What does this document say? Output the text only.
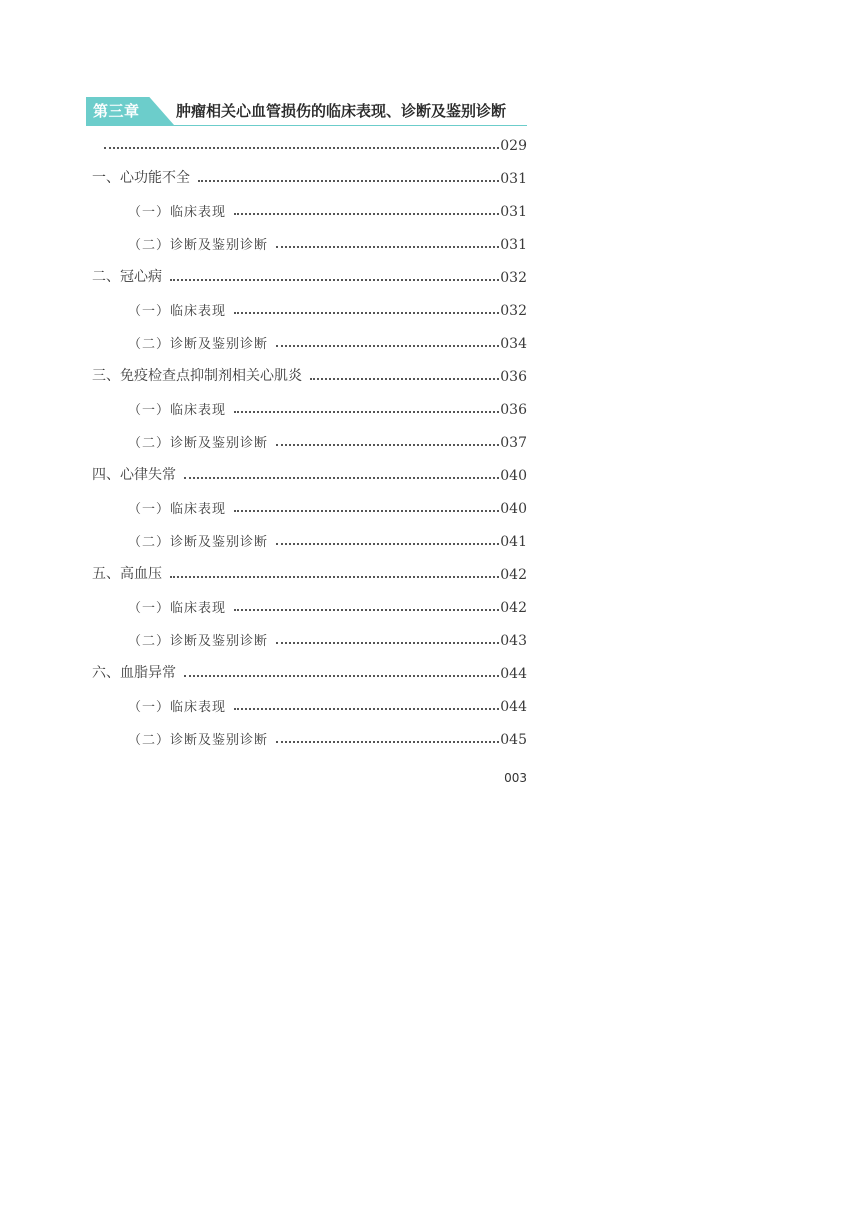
第三章 肿瘤相关心血管损伤的临床表现、诊断及鉴别诊断
029
一、心功能不全	031
（一）临床表现	031
（二）诊断及鉴别诊断	031
二、冠心病	032
（一）临床表现	032
（二）诊断及鉴别诊断	034
三、免疫检查点抑制剂相关心肌炎	036
（一）临床表现	036
（二）诊断及鉴别诊断	037
四、心律失常	040
（一）临床表现	040
（二）诊断及鉴别诊断	041
五、高血压	042
（一）临床表现	042
（二）诊断及鉴别诊断	043
六、血脂异常	044
（一）临床表现	044
（二）诊断及鉴别诊断	045
003
